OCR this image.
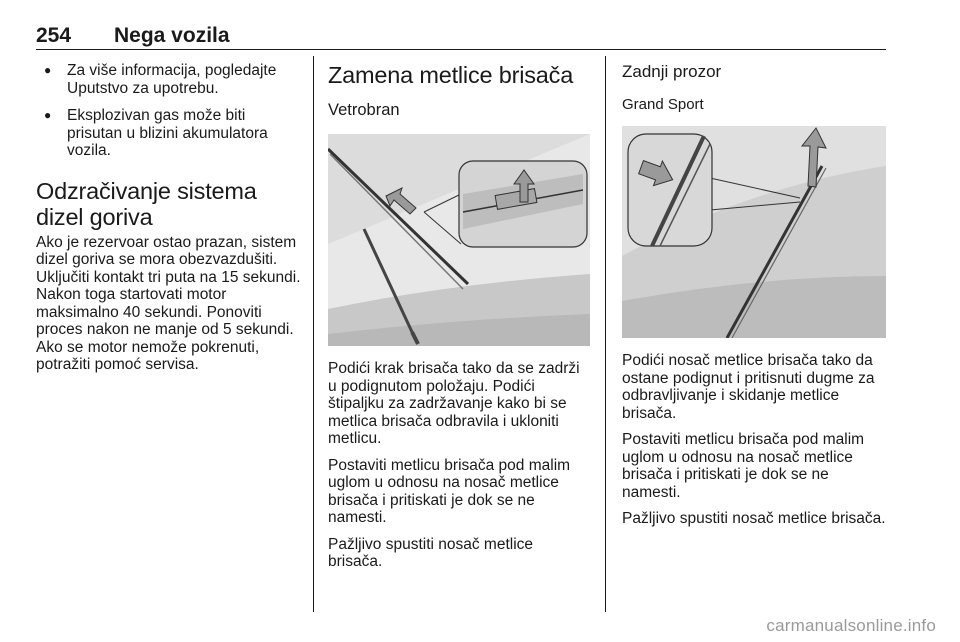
254 Nega vozila
● Za više informacija, pogledajte Uputstvo za upotrebu.
● Eksplozivan gas može biti prisutan u blizini akumulatora vozila.
Odzračivanje sistema dizel goriva

Ako je rezervoar ostao prazan, sistem dizel goriva se mora obezvazdušiti. Uključiti kontakt tri puta na 15 sekundi. Nakon toga startovati motor maksimalno 40 sekundi. Ponoviti proces nakon ne manje od 5 sekundi. Ako se motor nemože pokrenuti, potražiti pomoć servisa.

Zamena metlice brisača
Vetrobran

Podići krak brisača tako da se zadrži u podignutom položaju. Podići štipaljku za zadržavanje kako bi se metlica brisača odbravila i ukloniti metlicu.

Postaviti metlicu brisača pod malim uglom u odnosu na nosač metlice brisača i pritiskati je dok se ne namesti.

Pažljivo spustiti nosač metlice brisača.

Zadnji prozor
Grand Sport

Podići nosač metlice brisača tako da ostane podignut i pritisnuti dugme za odbravljivanje i skidanje metlice brisača.

Postaviti metlicu brisača pod malim uglom u odnosu na nosač metlice brisača i pritiskati je dok se ne namesti.

Pažljivo spustiti nosač metlice brisača.

carmanualsonline.info
